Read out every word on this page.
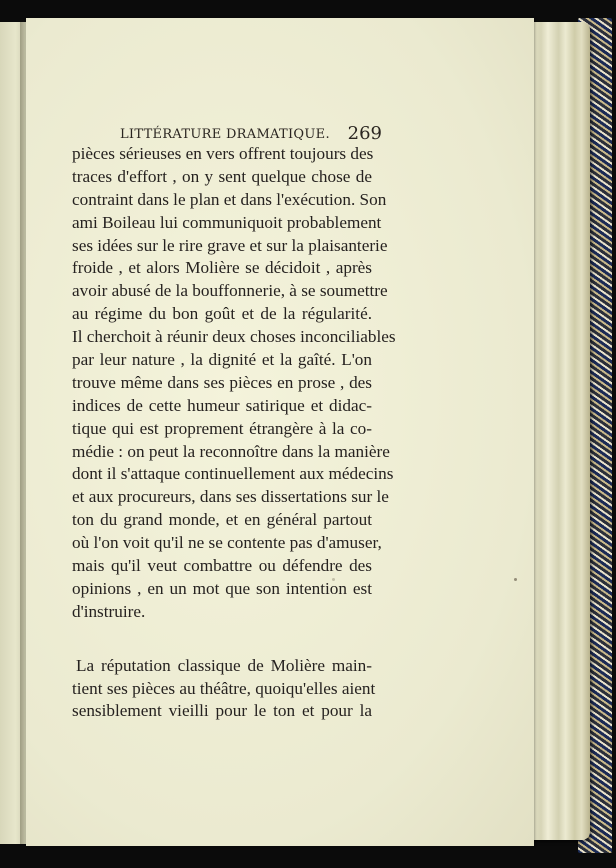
LITTÉRATURE DRAMATIQUE. 269
pièces sérieuses en vers offrent toujours des
traces d'effort , on y sent quelque chose de
contraint dans le plan et dans l'exécution. Son
ami Boileau lui communiquoit probablement
ses idées sur le rire grave et sur la plaisanterie
froide , et alors Molière se décidoit , après
avoir abusé de la bouffonnerie, à se soumettre
au régime du bon goût et de la régularité.
Il cherchoit à réunir deux choses inconciliables
par leur nature , la dignité et la gaîté. L'on
trouve même dans ses pièces en prose , des
indices de cette humeur satirique et didac-
tique qui est proprement étrangère à la co-
médie : on peut la reconnoître dans la manière
dont il s'attaque continuellement aux médecins
et aux procureurs, dans ses dissertations sur le
ton du grand monde, et en général partout
où l'on voit qu'il ne se contente pas d'amuser,
mais qu'il veut combattre ou défendre des
opinions , en un mot que son intention est
d'instruire.
La réputation classique de Molière main-
tient ses pièces au théâtre, quoiqu'elles aient
sensiblement vieilli pour le ton et pour la
